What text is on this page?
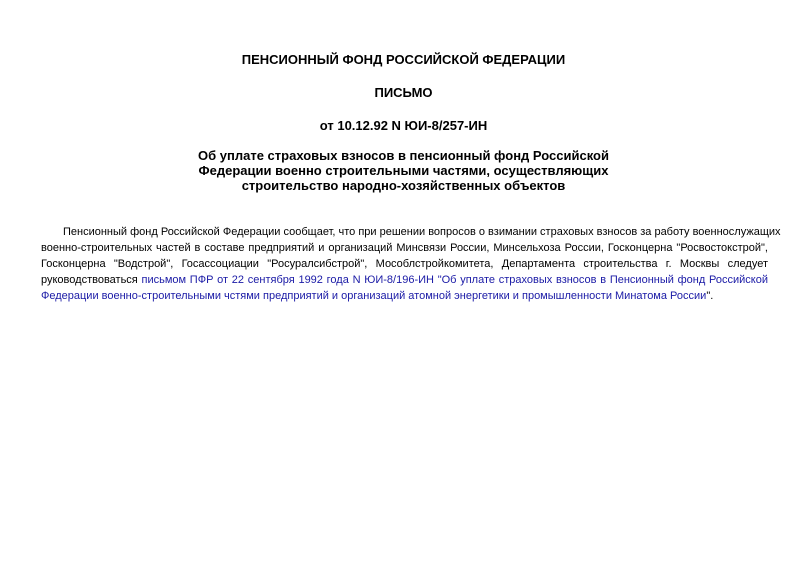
ПЕНСИОННЫЙ ФОНД РОССИЙСКОЙ ФЕДЕРАЦИИ

ПИСЬМО

от 10.12.92 N ЮИ-8/257-ИН

Об уплате страховых взносов в пенсионный фонд Российской
Федерации военно строительными частями, осуществляющих
строительство народно-хозяйственных объектов

Пенсионный фонд Российской Федерации сообщает, что при решении вопросов о взимании страховых взносов за работу военнослужащих
военно-строительных частей в составе предприятий и организаций Минсвязи России, Минсельхоза России, Госконцерна "Росвостокстрой",
Госконцерна "Водстрой", Госассоциации "Росуралсибстрой", Мособлстройкомитета, Департамента строительства г. Москвы следует
руководствоваться письмом ПФР от 22 сентября 1992 года N ЮИ-8/196-ИН "Об уплате страховых взносов в Пенсионный фонд Российской
Федерации военно-строительными чстями предприятий и организаций атомной энергетики и промышленности Минатома России".
